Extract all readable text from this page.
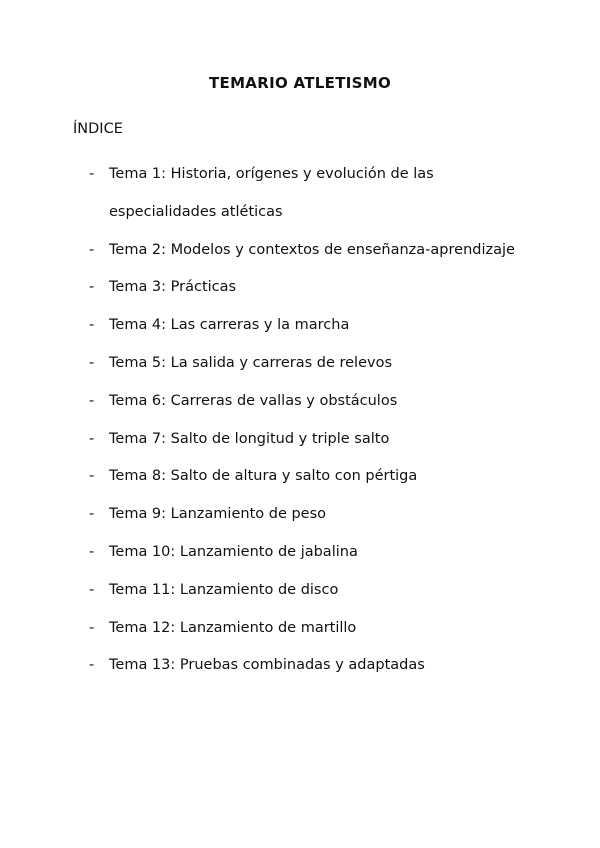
TEMARIO ATLETISMO
ÍNDICE
- Tema 1: Historia, orígenes y evolución de las especialidades atléticas
- Tema 2: Modelos y contextos de enseñanza-aprendizaje
- Tema 3: Prácticas
- Tema 4: Las carreras y la marcha
- Tema 5: La salida y carreras de relevos
- Tema 6: Carreras de vallas y obstáculos
- Tema 7: Salto de longitud y triple salto
- Tema 8: Salto de altura y salto con pértiga
- Tema 9: Lanzamiento de peso
- Tema 10: Lanzamiento de jabalina
- Tema 11: Lanzamiento de disco
- Tema 12: Lanzamiento de martillo
- Tema 13: Pruebas combinadas y adaptadas
